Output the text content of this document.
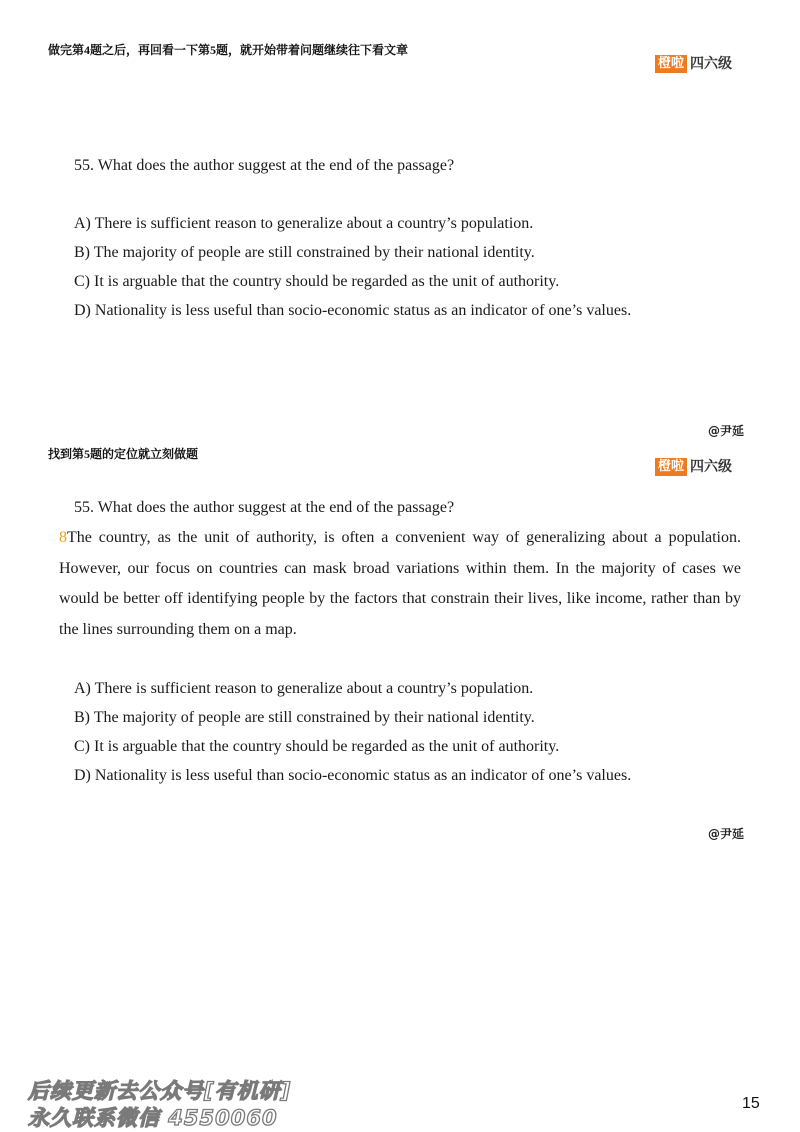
做完第4题之后，再回看一下第5题，就开始带着问题继续往下看文章
橙啦 四六级
55. What does the author suggest at the end of the passage?
A) There is sufficient reason to generalize about a country’s population.
B) The majority of people are still constrained by their national identity.
C) It is arguable that the country should be regarded as the unit of authority.
D) Nationality is less useful than socio-economic status as an indicator of one’s values.
@尹延
找到第5题的定位就立刻做题
橙啦 四六级
55. What does the author suggest at the end of the passage?
8The country, as the unit of authority, is often a convenient way of generalizing about a population. However, our focus on countries can mask broad variations within them. In the majority of cases we would be better off identifying people by the factors that constrain their lives, like income, rather than by the lines surrounding them on a map.
A) There is sufficient reason to generalize about a country’s population.
B) The majority of people are still constrained by their national identity.
C) It is arguable that the country should be regarded as the unit of authority.
D) Nationality is less useful than socio-economic status as an indicator of one’s values.
@尹延
后续更新去公众号[有机研]
永久联系微信 4550060
15
